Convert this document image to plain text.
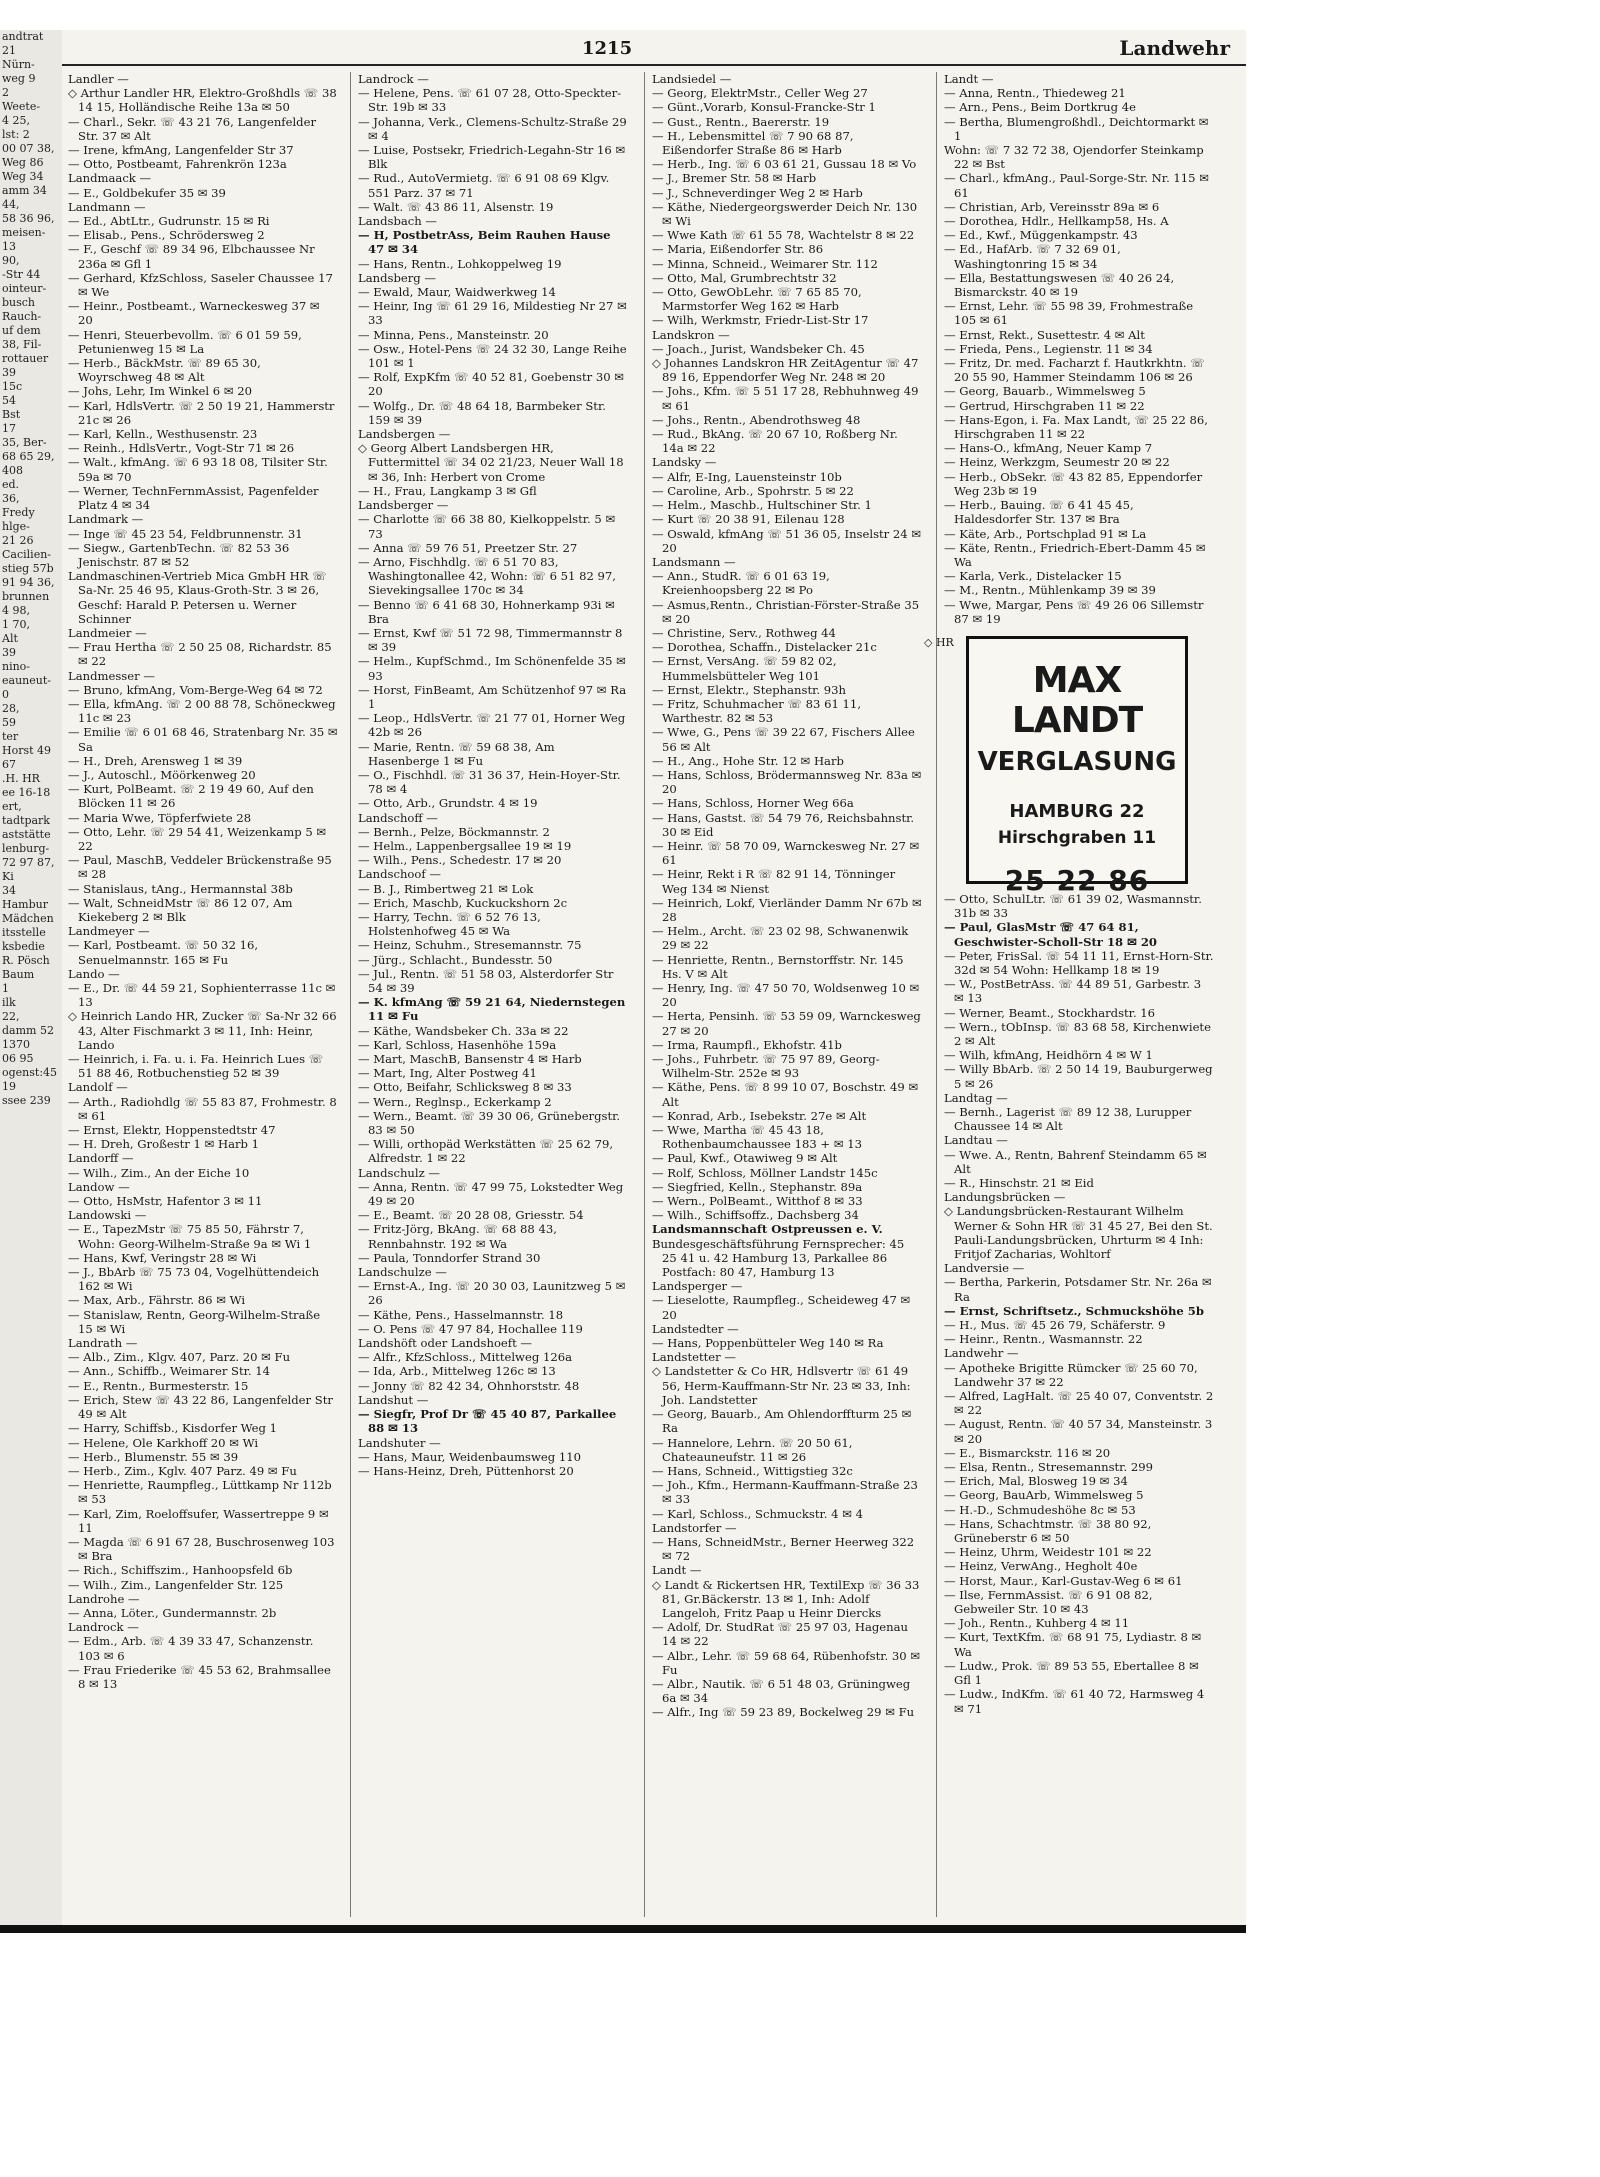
andtrat
21
Nürn-
weg 9
2
Weete-
4 25,
lst: 2
00 07 38,
Weg 86
Weg 34
amm 34
44,
58 36 96,
meisen-
13
90,
-Str 44
ointeur-
busch
Rauch-
uf dem
38, Fil-
rottauer
39
15c
54
Bst
17
35, Ber-
68 65 29,
408
ed.
36,
Fredy
hlge-
21 26
Cacilien-
stieg 57b
91 94 36,
brunnen
4 98,
1 70,
Alt
39
nino-
eauneut-
0
28,
59
ter
Horst 49
67
.H. HR
ee 16-18
ert,
tadtpark
aststätte
lenburg-
72 97 87,
Ki
34
Hambur
Mädchen
itsstelle
ksbedie
R. Pösch
Baum
1
ilk
22,
damm 52
1370
06 95
ogenst:45
19
ssee 239
1215	Landwehr
Landler —
◇ Arthur Landler HR, Elektro-Großhdls ☏ 38 14 15, Holländische Reihe 13a ✉ 50
— Charl., Sekr. ☏ 43 21 76, Langenfelder Str. 37 ✉ Alt
— Irene, kfmAng, Langenfelder Str 37
— Otto, Postbeamt, Fahrenkrön 123a
Landmaack —
— E., Goldbekufer 35 ✉ 39
Landmann —
— Ed., AbtLtr., Gudrunstr. 15 ✉ Ri
— Elisab., Pens., Schrödersweg 2
— F., Geschf ☏ 89 34 96, Elbchaussee Nr 236a ✉ Gfl 1
— Gerhard, KfzSchloss, Saseler Chaussee 17 ✉ We
— Heinr., Postbeamt., Warneckesweg 37 ✉ 20
— Henri, Steuerbevollm. ☏ 6 01 59 59, Petunienweg 15 ✉ La
— Herb., BäckMstr. ☏ 89 65 30, Woyrschweg 48 ✉ Alt
— Johs, Lehr, Im Winkel 6 ✉ 20
— Karl, HdlsVertr. ☏ 2 50 19 21, Hammerstr 21c ✉ 26
— Karl, Kelln., Westhusenstr. 23
— Reinh., HdlsVertr., Vogt-Str 71 ✉ 26
— Walt., kfmAng. ☏ 6 93 18 08, Tilsiter Str. 59a ✉ 70
— Werner, TechnFernmAssist, Pagenfelder Platz 4 ✉ 34
Landmark —
— Inge ☏ 45 23 54, Feldbrunnenstr. 31
— Siegw., GartenbTechn. ☏ 82 53 36 Jenischstr. 87 ✉ 52
Landmaschinen-Vertrieb Mica GmbH HR ☏ Sa-Nr. 25 46 95, Klaus-Groth-Str. 3 ✉ 26, Geschf: Harald P. Petersen u. Werner Schinner
Landmeier —
— Frau Hertha ☏ 2 50 25 08, Richardstr. 85 ✉ 22
Landmesser —
— Bruno, kfmAng, Vom-Berge-Weg 64 ✉ 72
— Ella, kfmAng. ☏ 2 00 88 78, Schöneckweg 11c ✉ 23
— Emilie ☏ 6 01 68 46, Stratenbarg Nr. 35 ✉ Sa
— H., Dreh, Arensweg 1 ✉ 39
— J., Autoschl., Möörkenweg 20
— Kurt, PolBeamt. ☏ 2 19 49 60, Auf den Blöcken 11 ✉ 26
— Maria Wwe, Töpferfwiete 28
— Otto, Lehr. ☏ 29 54 41, Weizenkamp 5 ✉ 22
— Paul, MaschB, Veddeler Brückenstraße 95 ✉ 28
— Stanislaus, tAng., Hermannstal 38b
— Walt, SchneidMstr ☏ 86 12 07, Am Kiekeberg 2 ✉ Blk
Landmeyer —
— Karl, Postbeamt. ☏ 50 32 16, Senuelmannstr. 165 ✉ Fu
Lando —
— E., Dr. ☏ 44 59 21, Sophienterrasse 11c ✉ 13
◇ Heinrich Lando HR, Zucker ☏ Sa-Nr 32 66 43, Alter Fischmarkt 3 ✉ 11, Inh: Heinr, Lando
— Heinrich, i. Fa. u. i. Fa. Heinrich Lues ☏ 51 88 46, Rotbuchenstieg 52 ✉ 39
Landolf —
— Arth., Radiohdlg ☏ 55 83 87, Frohmestr. 8 ✉ 61
— Ernst, Elektr, Hoppenstedtstr 47
— H. Dreh, Großestr 1 ✉ Harb 1
Landorff —
— Wilh., Zim., An der Eiche 10
Landow —
— Otto, HsMstr, Hafentor 3 ✉ 11
Landowski —
— E., TapezMstr ☏ 75 85 50, Fährstr 7, Wohn: Georg-Wilhelm-Straße 9a ✉ Wi 1
— Hans, Kwf, Veringstr 28 ✉ Wi
— J., BbArb ☏ 75 73 04, Vogelhüttendeich 162 ✉ Wi
— Max, Arb., Fährstr. 86 ✉ Wi
— Stanislaw, Rentn, Georg-Wilhelm-Straße 15 ✉ Wi
Landrath —
— Alb., Zim., Klgv. 407, Parz. 20 ✉ Fu
— Ann., Schiffb., Weimarer Str. 14
— E., Rentn., Burmesterstr. 15
— Erich, Stew ☏ 43 22 86, Langenfelder Str 49 ✉ Alt
— Harry, Schiffsb., Kisdorfer Weg 1
— Helene, Ole Karkhoff 20 ✉ Wi
— Herb., Blumenstr. 55 ✉ 39
— Herb., Zim., Kglv. 407 Parz. 49 ✉ Fu
— Henriette, Raumpfleg., Lüttkamp Nr 112b ✉ 53
— Karl, Zim, Roeloffsufer, Wassertreppe 9 ✉ 11
— Magda ☏ 6 91 67 28, Buschrosenweg 103 ✉ Bra
— Rich., Schiffszim., Hanhoopsfeld 6b
— Wilh., Zim., Langenfelder Str. 125
Landrohe —
— Anna, Löter., Gundermannstr. 2b
Landrock —
— Edm., Arb. ☏ 4 39 33 47, Schanzenstr. 103 ✉ 6
— Frau Friederike ☏ 45 53 62, Brahmsallee 8 ✉ 13
Landrock —
— Helene, Pens. ☏ 61 07 28, Otto-Speckter-Str. 19b ✉ 33
— Johanna, Verk., Clemens-Schultz-Straße 29 ✉ 4
— Luise, Postsekr, Friedrich-Legahn-Str 16 ✉ Blk
— Rud., AutoVermietg. ☏ 6 91 08 69 Klgv. 551 Parz. 37 ✉ 71
— Walt. ☏ 43 86 11, Alsenstr. 19
Landsbach —
— H, PostbetrAss, Beim Rauhen Hause 47 ✉ 34
— Hans, Rentn., Lohkoppelweg 19
Landsberg —
— Ewald, Maur, Waidwerkweg 14
— Heinr, Ing ☏ 61 29 16, Mildestieg Nr 27 ✉ 33
— Minna, Pens., Mansteinstr. 20
— Osw., Hotel-Pens ☏ 24 32 30, Lange Reihe 101 ✉ 1
— Rolf, ExpKfm ☏ 40 52 81, Goebenstr 30 ✉ 20
— Wolfg., Dr. ☏ 48 64 18, Barmbeker Str. 159 ✉ 39
Landsbergen —
◇ Georg Albert Landsbergen HR, Futtermittel ☏ 34 02 21/23, Neuer Wall 18 ✉ 36, Inh: Herbert von Crome
— H., Frau, Langkamp 3 ✉ Gfl
Landsberger —
— Charlotte ☏ 66 38 80, Kielkoppelstr. 5 ✉ 73
— Anna ☏ 59 76 51, Preetzer Str. 27
— Arno, Fischhdlg. ☏ 6 51 70 83, Washingtonallee 42, Wohn: ☏ 6 51 82 97, Sievekingsallee 170c ✉ 34
— Benno ☏ 6 41 68 30, Hohnerkamp 93i ✉ Bra
— Ernst, Kwf ☏ 51 72 98, Timmermannstr 8 ✉ 39
— Helm., KupfSchmd., Im Schönenfelde 35 ✉ 93
— Horst, FinBeamt, Am Schützenhof 97 ✉ Ra 1
— Leop., HdlsVertr. ☏ 21 77 01, Horner Weg 42b ✉ 26
— Marie, Rentn. ☏ 59 68 38, Am Hasenberge 1 ✉ Fu
— O., Fischhdl. ☏ 31 36 37, Hein-Hoyer-Str. 78 ✉ 4
— Otto, Arb., Grundstr. 4 ✉ 19
Landschoff —
— Bernh., Pelze, Böckmannstr. 2
— Helm., Lappenbergsallee 19 ✉ 19
— Wilh., Pens., Schedestr. 17 ✉ 20
Landschoof —
— B. J., Rimbertweg 21 ✉ Lok
— Erich, Maschb, Kuckuckshorn 2c
— Harry, Techn. ☏ 6 52 76 13, Holstenhofweg 45 ✉ Wa
— Heinz, Schuhm., Stresemannstr. 75
— Jürg., Schlacht., Bundesstr. 50
— Jul., Rentn. ☏ 51 58 03, Alsterdorfer Str 54 ✉ 39
— K. kfmAng ☏ 59 21 64, Niedernstegen 11 ✉ Fu
— Käthe, Wandsbeker Ch. 33a ✉ 22
— Karl, Schloss, Hasenhöhe 159a
— Mart, MaschB, Bansenstr 4 ✉ Harb
— Mart, Ing, Alter Postweg 41
— Otto, Beifahr, Schlicksweg 8 ✉ 33
— Wern., Reglnsp., Eckerkamp 2
— Wern., Beamt. ☏ 39 30 06, Grünebergstr. 83 ✉ 50
— Willi, orthopäd Werkstätten ☏ 25 62 79, Alfredstr. 1 ✉ 22
Landschulz —
— Anna, Rentn. ☏ 47 99 75, Lokstedter Weg 49 ✉ 20
— E., Beamt. ☏ 20 28 08, Griesstr. 54
— Fritz-Jörg, BkAng. ☏ 68 88 43, Rennbahnstr. 192 ✉ Wa
— Paula, Tonndorfer Strand 30
Landschulze —
— Ernst-A., Ing. ☏ 20 30 03, Launitzweg 5 ✉ 26
— Käthe, Pens., Hasselmannstr. 18
— O. Pens ☏ 47 97 84, Hochallee 119
Landshöft oder Landshoeft —
— Alfr., KfzSchloss., Mittelweg 126a
— Ida, Arb., Mittelweg 126c ✉ 13
— Jonny ☏ 82 42 34, Ohnhorststr. 48
Landshut —
— Siegfr, Prof Dr ☏ 45 40 87, Parkallee 88 ✉ 13
Landshuter —
— Hans, Maur, Weidenbaumsweg 110
— Hans-Heinz, Dreh, Püttenhorst 20
Landsiedel —
— Georg, ElektrMstr., Celler Weg 27
— Günt.,Vorarb, Konsul-Francke-Str 1
— Gust., Rentn., Baererstr. 19
— H., Lebensmittel ☏ 7 90 68 87, Eißendorfer Straße 86 ✉ Harb
— Herb., Ing. ☏ 6 03 61 21, Gussau 18 ✉ Vo
— J., Bremer Str. 58 ✉ Harb
— J., Schneverdinger Weg 2 ✉ Harb
— Käthe, Niedergeorgswerder Deich Nr. 130 ✉ Wi
— Wwe Kath ☏ 61 55 78, Wachtelstr 8 ✉ 22
— Maria, Eißendorfer Str. 86
— Minna, Schneid., Weimarer Str. 112
— Otto, Mal, Grumbrechtstr 32
— Otto, GewObLehr. ☏ 7 65 85 70, Marmstorfer Weg 162 ✉ Harb
— Wilh, Werkmstr, Friedr-List-Str 17
Landskron —
— Joach., Jurist, Wandsbeker Ch. 45
◇ Johannes Landskron HR ZeitAgentur ☏ 47 89 16, Eppendorfer Weg Nr. 248 ✉ 20
— Johs., Kfm. ☏ 5 51 17 28, Rebhuhnweg 49 ✉ 61
— Johs., Rentn., Abendrothsweg 48
— Rud., BkAng. ☏ 20 67 10, Roßberg Nr. 14a ✉ 22
Landsky —
— Alfr, E-Ing, Lauensteinstr 10b
— Caroline, Arb., Spohrstr. 5 ✉ 22
— Helm., Maschb., Hultschiner Str. 1
— Kurt ☏ 20 38 91, Eilenau 128
— Oswald, kfmAng ☏ 51 36 05, Inselstr 24 ✉ 20
Landsmann —
— Ann., StudR. ☏ 6 01 63 19, Kreienhoopsberg 22 ✉ Po
— Asmus,Rentn., Christian-Förster-Straße 35 ✉ 20
— Christine, Serv., Rothweg 44
— Dorothea, Schaffn., Distelacker 21c
— Ernst, VersAng. ☏ 59 82 02, Hummelsbütteler Weg 101
— Ernst, Elektr., Stephanstr. 93h
— Fritz, Schuhmacher ☏ 83 61 11, Warthestr. 82 ✉ 53
— Wwe, G., Pens ☏ 39 22 67, Fischers Allee 56 ✉ Alt
— H., Ang., Hohe Str. 12 ✉ Harb
— Hans, Schloss, Brödermannsweg Nr. 83a ✉ 20
— Hans, Schloss, Horner Weg 66a
— Hans, Gastst. ☏ 54 79 76, Reichsbahnstr. 30 ✉ Eid
— Heinr. ☏ 58 70 09, Warnckesweg Nr. 27 ✉ 61
— Heinr, Rekt i R ☏ 82 91 14, Tönninger Weg 134 ✉ Nienst
— Heinrich, Lokf, Vierländer Damm Nr 67b ✉ 28
— Helm., Archt. ☏ 23 02 98, Schwanenwik 29 ✉ 22
— Henriette, Rentn., Bernstorffstr. Nr. 145 Hs. V ✉ Alt
— Henry, Ing. ☏ 47 50 70, Woldsenweg 10 ✉ 20
— Herta, Pensinh. ☏ 53 59 09, Warnckesweg 27 ✉ 20
— Irma, Raumpfl., Ekhofstr. 41b
— Johs., Fuhrbetr. ☏ 75 97 89, Georg-Wilhelm-Str. 252e ✉ 93
— Käthe, Pens. ☏ 8 99 10 07, Boschstr. 49 ✉ Alt
— Konrad, Arb., Isebekstr. 27e ✉ Alt
— Wwe, Martha ☏ 45 43 18, Rothenbaumchaussee 183 + ✉ 13
— Paul, Kwf., Otawiweg 9 ✉ Alt
— Rolf, Schloss, Möllner Landstr 145c
— Siegfried, Kelln., Stephanstr. 89a
— Wern., PolBeamt., Witthof 8 ✉ 33
— Wilh., Schiffsoffz., Dachsberg 34
Landsmannschaft Ostpreussen e. V.
Bundesgeschäftsführung Fernsprecher: 45 25 41 u. 42 Hamburg 13, Parkallee 86 Postfach: 80 47, Hamburg 13
Landsperger —
— Lieselotte, Raumpfleg., Scheideweg 47 ✉ 20
Landstedter —
— Hans, Poppenbütteler Weg 140 ✉ Ra
Landstetter —
◇ Landstetter & Co HR, Hdlsvertr ☏ 61 49 56, Herm-Kauffmann-Str Nr. 23 ✉ 33, Inh: Joh. Landstetter
— Georg, Bauarb., Am Ohlendorffturm 25 ✉ Ra
— Hannelore, Lehrn. ☏ 20 50 61, Chateauneufstr. 11 ✉ 26
— Hans, Schneid., Wittigstieg 32c
— Joh., Kfm., Hermann-Kauffmann-Straße 23 ✉ 33
— Karl, Schloss., Schmuckstr. 4 ✉ 4
Landstorfer —
— Hans, SchneidMstr., Berner Heerweg 322 ✉ 72
Landt —
◇ Landt & Rickertsen HR, TextilExp ☏ 36 33 81, Gr.Bäckerstr. 13 ✉ 1, Inh: Adolf Langeloh, Fritz Paap u Heinr Diercks
— Adolf, Dr. StudRat ☏ 25 97 03, Hagenau 14 ✉ 22
— Albr., Lehr. ☏ 59 68 64, Rübenhofstr. 30 ✉ Fu
— Albr., Nautik. ☏ 6 51 48 03, Grüningweg 6a ✉ 34
— Alfr., Ing ☏ 59 23 89, Bockelweg 29 ✉ Fu
Landt —
— Anna, Rentn., Thiedeweg 21
— Arn., Pens., Beim Dortkrug 4e
— Bertha, Blumengroßhdl., Deichtormarkt ✉ 1
Wohn: ☏ 7 32 72 38, Ojendorfer Steinkamp 22 ✉ Bst
— Charl., kfmAng., Paul-Sorge-Str. Nr. 115 ✉ 61
— Christian, Arb, Vereinsstr 89a ✉ 6
— Dorothea, Hdlr., Hellkamp58, Hs. A
— Ed., Kwf., Müggenkampstr. 43
— Ed., HafArb. ☏ 7 32 69 01, Washingtonring 15 ✉ 34
— Ella, Bestattungswesen ☏ 40 26 24, Bismarckstr. 40 ✉ 19
— Ernst, Lehr. ☏ 55 98 39, Frohmestraße 105 ✉ 61
— Ernst, Rekt., Susettestr. 4 ✉ Alt
— Frieda, Pens., Legienstr. 11 ✉ 34
— Fritz, Dr. med. Facharzt f. Hautkrkhtn. ☏ 20 55 90, Hammer Steindamm 106 ✉ 26
— Georg, Bauarb., Wimmelsweg 5
— Gertrud, Hirschgraben 11 ✉ 22
— Hans-Egon, i. Fa. Max Landt, ☏ 25 22 86, Hirschgraben 11 ✉ 22
— Hans-O., kfmAng, Neuer Kamp 7
— Heinz, Werkzgm, Seumestr 20 ✉ 22
— Herb., ObSekr. ☏ 43 82 85, Eppendorfer Weg 23b ✉ 19
— Herb., Bauing. ☏ 6 41 45 45, Haldesdorfer Str. 137 ✉ Bra
— Käte, Arb., Portschplad 91 ✉ La
— Käte, Rentn., Friedrich-Ebert-Damm 45 ✉ Wa
— Karla, Verk., Distelacker 15
— M., Rentn., Mühlenkamp 39 ✉ 39
— Wwe, Margar, Pens ☏ 49 26 06 Sillemstr 87 ✉ 19
◇ HR
MAX LANDT
VERGLASUNG
HAMBURG 22
Hirschgraben 11
25 22 86
— Otto, SchulLtr. ☏ 61 39 02, Wasmannstr. 31b ✉ 33
— Paul, GlasMstr ☏ 47 64 81, Geschwister-Scholl-Str 18 ✉ 20
— Peter, FrisSal. ☏ 54 11 11, Ernst-Horn-Str. 32d ✉ 54 Wohn: Hellkamp 18 ✉ 19
— W., PostBetrAss. ☏ 44 89 51, Garbestr. 3 ✉ 13
— Werner, Beamt., Stockhardstr. 16
— Wern., tObInsp. ☏ 83 68 58, Kirchenwiete 2 ✉ Alt
— Wilh, kfmAng, Heidhörn 4 ✉ W 1
— Willy BbArb. ☏ 2 50 14 19, Bauburgerweg 5 ✉ 26
Landtag —
— Bernh., Lagerist ☏ 89 12 38, Lurupper Chaussee 14 ✉ Alt
Landtau —
— Wwe. A., Rentn, Bahrenf Steindamm 65 ✉ Alt
— R., Hinschstr. 21 ✉ Eid
Landungsbrücken —
◇ Landungsbrücken-Restaurant Wilhelm Werner & Sohn HR ☏ 31 45 27, Bei den St. Pauli-Landungsbrücken, Uhrturm ✉ 4 Inh: Fritjof Zacharias, Wohltorf
Landversie —
— Bertha, Parkerin, Potsdamer Str. Nr. 26a ✉ Ra
— Ernst, Schriftsetz., Schmuckshöhe 5b
— H., Mus. ☏ 45 26 79, Schäferstr. 9
— Heinr., Rentn., Wasmannstr. 22
Landwehr —
— Apotheke Brigitte Rümcker ☏ 25 60 70, Landwehr 37 ✉ 22
— Alfred, LagHalt. ☏ 25 40 07, Conventstr. 2 ✉ 22
— August, Rentn. ☏ 40 57 34, Mansteinstr. 3 ✉ 20
— E., Bismarckstr. 116 ✉ 20
— Elsa, Rentn., Stresemannstr. 299
— Erich, Mal, Blosweg 19 ✉ 34
— Georg, BauArb, Wimmelsweg 5
— H.-D., Schmudeshöhe 8c ✉ 53
— Hans, Schachtmstr. ☏ 38 80 92, Grüneberstr 6 ✉ 50
— Heinz, Uhrm, Weidestr 101 ✉ 22
— Heinz, VerwAng., Hegholt 40e
— Horst, Maur., Karl-Gustav-Weg 6 ✉ 61
— Ilse, FernmAssist. ☏ 6 91 08 82, Gebweiler Str. 10 ✉ 43
— Joh., Rentn., Kuhberg 4 ✉ 11
— Kurt, TextKfm. ☏ 68 91 75, Lydiastr. 8 ✉ Wa
— Ludw., Prok. ☏ 89 53 55, Ebertallee 8 ✉ Gfl 1
— Ludw., IndKfm. ☏ 61 40 72, Harmsweg 4 ✉ 71
